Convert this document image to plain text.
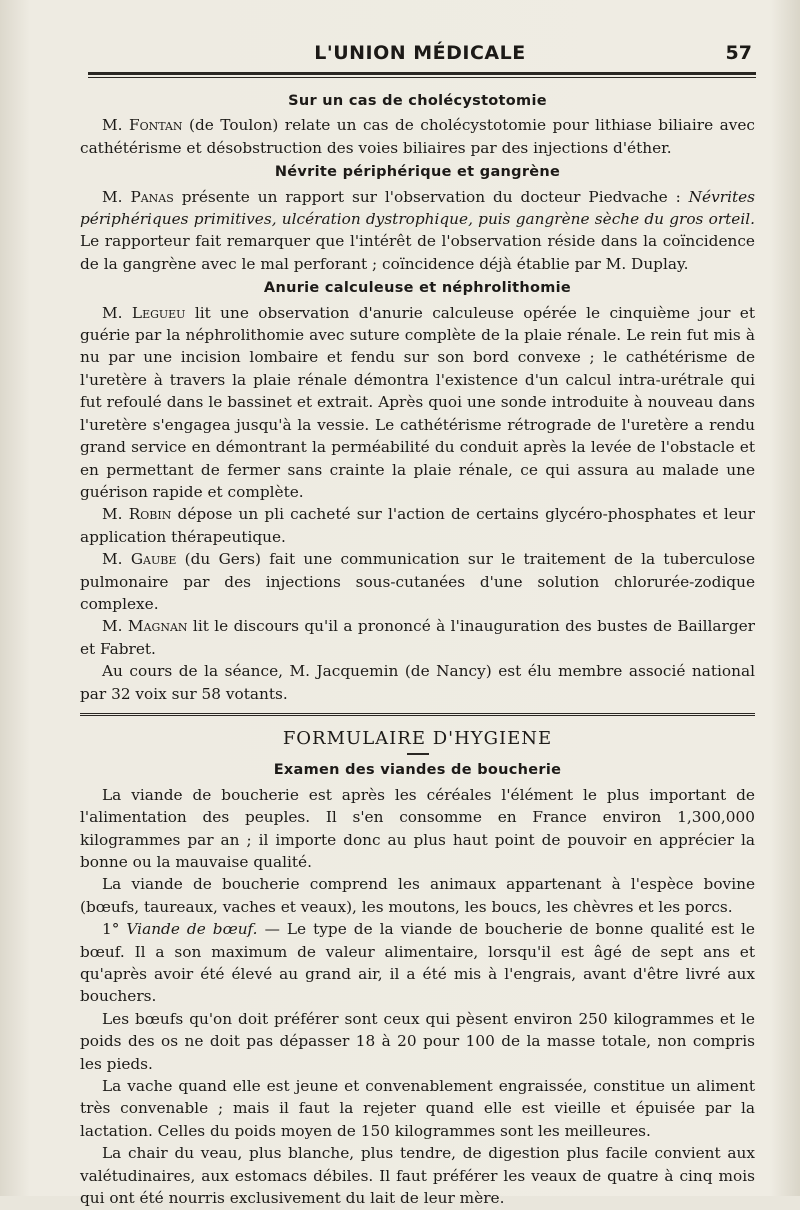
L'UNION MÉDICALE	57
Sur un cas de cholécystotomie

M. Fontan (de Toulon) relate un cas de cholécystotomie pour lithiase biliaire avec cathétérisme et désobstruction des voies biliaires par des injections d'éther.

Névrite périphérique et gangrène

M. Panas présente un rapport sur l'observation du docteur Piedvache : Névrites périphériques primitives, ulcération dystrophique, puis gangrène sèche du gros orteil. Le rapporteur fait remarquer que l'intérêt de l'observation réside dans la coïncidence de la gangrène avec le mal perforant ; coïncidence déjà établie par M. Duplay.

Anurie calculeuse et néphrolithomie

M. Legueu lit une observation d'anurie calculeuse opérée le cinquième jour et guérie par la néphrolithomie avec suture complète de la plaie rénale. Le rein fut mis à nu par une incision lombaire et fendu sur son bord convexe ; le cathétérisme de l'uretère à travers la plaie rénale démontra l'existence d'un calcul intra-urétrale qui fut refoulé dans le bassinet et extrait. Après quoi une sonde introduite à nouveau dans l'uretère s'engagea jusqu'à la vessie. Le cathétérisme rétrograde de l'uretère a rendu grand service en démontrant la perméabilité du conduit après la levée de l'obstacle et en permettant de fermer sans crainte la plaie rénale, ce qui assura au malade une guérison rapide et complète.

M. Robin dépose un pli cacheté sur l'action de certains glycéro-phosphates et leur application thérapeutique.

M. Gaube (du Gers) fait une communication sur le traitement de la tuberculose pulmonaire par des injections sous-cutanées d'une solution chlorurée-zodique complexe.

M. Magnan lit le discours qu'il a prononcé à l'inauguration des bustes de Baillarger et Fabret.

Au cours de la séance, M. Jacquemin (de Nancy) est élu membre associé national par 32 voix sur 58 votants.

FORMULAIRE D'HYGIENE
Examen des viandes de boucherie

La viande de boucherie est après les céréales l'élément le plus important de l'alimentation des peuples. Il s'en consomme en France environ 1,300,000 kilogrammes par an ; il importe donc au plus haut point de pouvoir en apprécier la bonne ou la mauvaise qualité.

La viande de boucherie comprend les animaux appartenant à l'espèce bovine (bœufs, taureaux, vaches et veaux), les moutons, les boucs, les chèvres et les porcs.

1° Viande de bœuf. — Le type de la viande de boucherie de bonne qualité est le bœuf. Il a son maximum de valeur alimentaire, lorsqu'il est âgé de sept ans et qu'après avoir été élevé au grand air, il a été mis à l'engrais, avant d'être livré aux bouchers.

Les bœufs qu'on doit préférer sont ceux qui pèsent environ 250 kilogrammes et le poids des os ne doit pas dépasser 18 à 20 pour 100 de la masse totale, non compris les pieds.

La vache quand elle est jeune et convenablement engraissée, constitue un aliment très convenable ; mais il faut la rejeter quand elle est vieille et épuisée par la lactation. Celles du poids moyen de 150 kilogrammes sont les meilleures.

La chair du veau, plus blanche, plus tendre, de digestion plus facile convient aux valétudinaires, aux estomacs débiles. Il faut préférer les veaux de quatre à cinq mois qui ont été nourris exclusivement du lait de leur mère.
